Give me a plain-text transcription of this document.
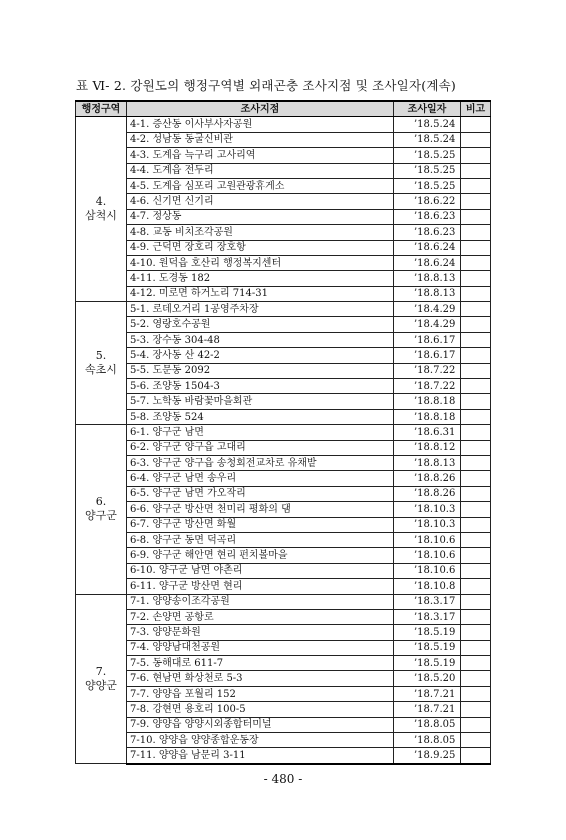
표 Ⅵ- 2. 강원도의 행정구역별 외래곤충 조사지점 및 조사일자(계속)
행정구역	조사지점	조사일자	비고

4.
삼척시	4-1. 증산동 이사부사자공원	’18.5.24	
	4-2. 성남동 동굴신비관	’18.5.24	
	4-3. 도계읍 늑구리 고사리역	’18.5.25	
	4-4. 도계읍 전두리	’18.5.25	
	4-5. 도계읍 심포리 고원관광휴게소	’18.5.25	
	4-6. 신기면 신기리	’18.6.22	
	4-7. 정상동	’18.6.23	
	4-8. 교동 비치조각공원	’18.6.23	
	4-9. 근덕면 장호리 장호항	’18.6.24	
	4-10. 원덕읍 호산리 행정복지센터	’18.6.24	
	4-11. 도경동 182	’18.8.13	
	4-12. 미로면 하거노리 714-31	’18.8.13	

5.
속초시	5-1. 로데오거리 1공영주차장	’18.4.29	
	5-2. 영랑호수공원	’18.4.29	
	5-3. 장수동 304-48	’18.6.17	
	5-4. 장사동 산 42-2	’18.6.17	
	5-5. 도문동 2092	’18.7.22	
	5-6. 조양동 1504-3	’18.7.22	
	5-7. 노학동 바람꽃마을회관	’18.8.18	
	5-8. 조양동 524	’18.8.18	

6.
양구군	6-1. 양구군 남면	’18.6.31	
	6-2. 양구군 양구읍 고대리	’18.8.12	
	6-3. 양구군 양구읍 송청회전교차로 유채밭	’18.8.13	
	6-4. 양구군 남면 송우리	’18.8.26	
	6-5. 양구군 남면 가오작리	’18.8.26	
	6-6. 양구군 방산면 천미리 평화의 댐	’18.10.3	
	6-7. 양구군 방산면 화월	’18.10.3	
	6-8. 양구군 동면 덕곡리	’18.10.6	
	6-9. 양구군 해안면 현리 펀치볼마을	’18.10.6	
	6-10. 양구군 남면 야촌리	’18.10.6	
	6-11. 양구군 방산면 현리	’18.10.8	

7.
양양군	7-1. 양양송이조각공원	’18.3.17	
	7-2. 손양면 공항로	’18.3.17	
	7-3. 양양문화원	’18.5.19	
	7-4. 양양남대천공원	’18.5.19	
	7-5. 동해대로 611-7	’18.5.19	
	7-6. 현남면 화상천로 5-3	’18.5.20	
	7-7. 양양읍 포월리 152	’18.7.21	
	7-8. 강현면 용호리 100-5	’18.7.21	
	7-9. 양양읍 양양시외종합터미널	’18.8.05	
	7-10. 양양읍 양양종합운동장	’18.8.05	
	7-11. 양양읍 남문리 3-11	’18.9.25	
- 480 -
